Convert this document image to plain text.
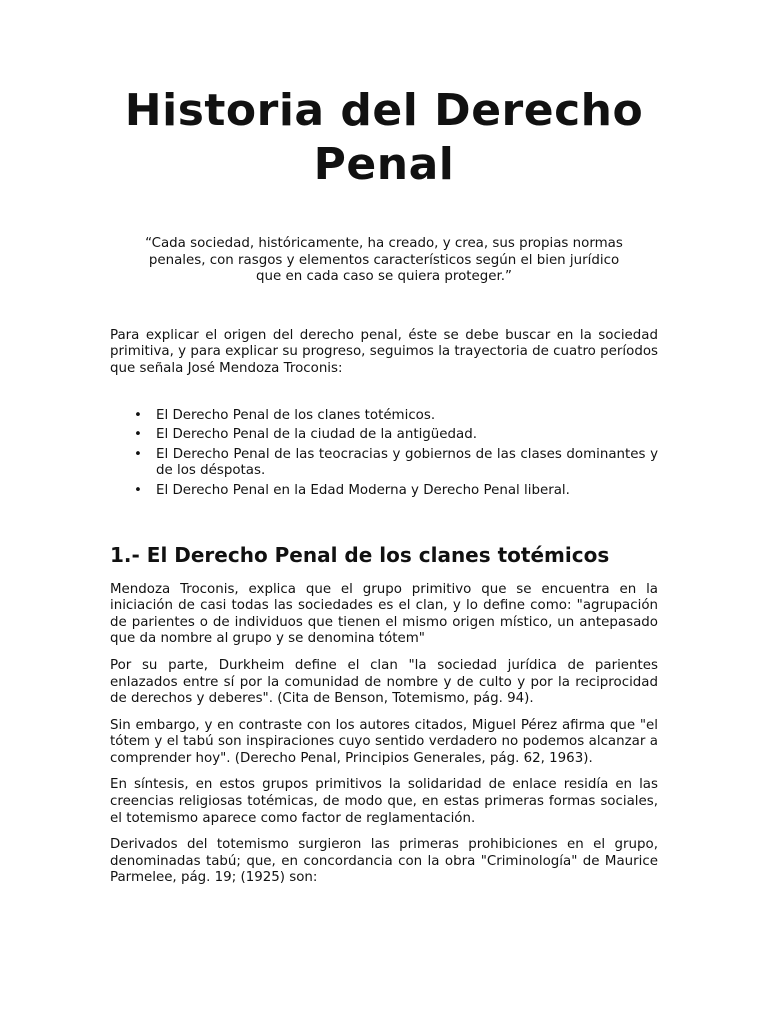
Historia del Derecho Penal

“Cada sociedad, históricamente, ha creado, y crea, sus propias normas penales, con rasgos y elementos característicos según el bien jurídico que en cada caso se quiera proteger.”

Para explicar el origen del derecho penal, éste se debe buscar en la sociedad primitiva, y para explicar su progreso, seguimos la trayectoria de cuatro períodos que señala José Mendoza Troconis:

• El Derecho Penal de los clanes totémicos.
• El Derecho Penal de la ciudad de la antigüedad.
• El Derecho Penal de las teocracias y gobiernos de las clases dominantes y de los déspotas.
• El Derecho Penal en la Edad Moderna y Derecho Penal liberal.
1.- El Derecho Penal de los clanes totémicos

Mendoza Troconis, explica que el grupo primitivo que se encuentra en la iniciación de casi todas las sociedades es el clan, y lo define como: "agrupación de parientes o de individuos que tienen el mismo origen místico, un antepasado que da nombre al grupo y se denomina tótem"

Por su parte, Durkheim define el clan "la sociedad jurídica de parientes enlazados entre sí por la comunidad de nombre y de culto y por la reciprocidad de derechos y deberes". (Cita de Benson, Totemismo, pág. 94).

Sin embargo, y en contraste con los autores citados, Miguel Pérez afirma que "el tótem y el tabú son inspiraciones cuyo sentido verdadero no podemos alcanzar a comprender hoy". (Derecho Penal, Principios Generales, pág. 62, 1963).

En síntesis, en estos grupos primitivos la solidaridad de enlace residía en las creencias religiosas totémicas, de modo que, en estas primeras formas sociales, el totemismo aparece como factor de reglamentación.

Derivados del totemismo surgieron las primeras prohibiciones en el grupo, denominadas tabú; que, en concordancia con la obra "Criminología" de Maurice Parmelee, pág. 19; (1925) son:
